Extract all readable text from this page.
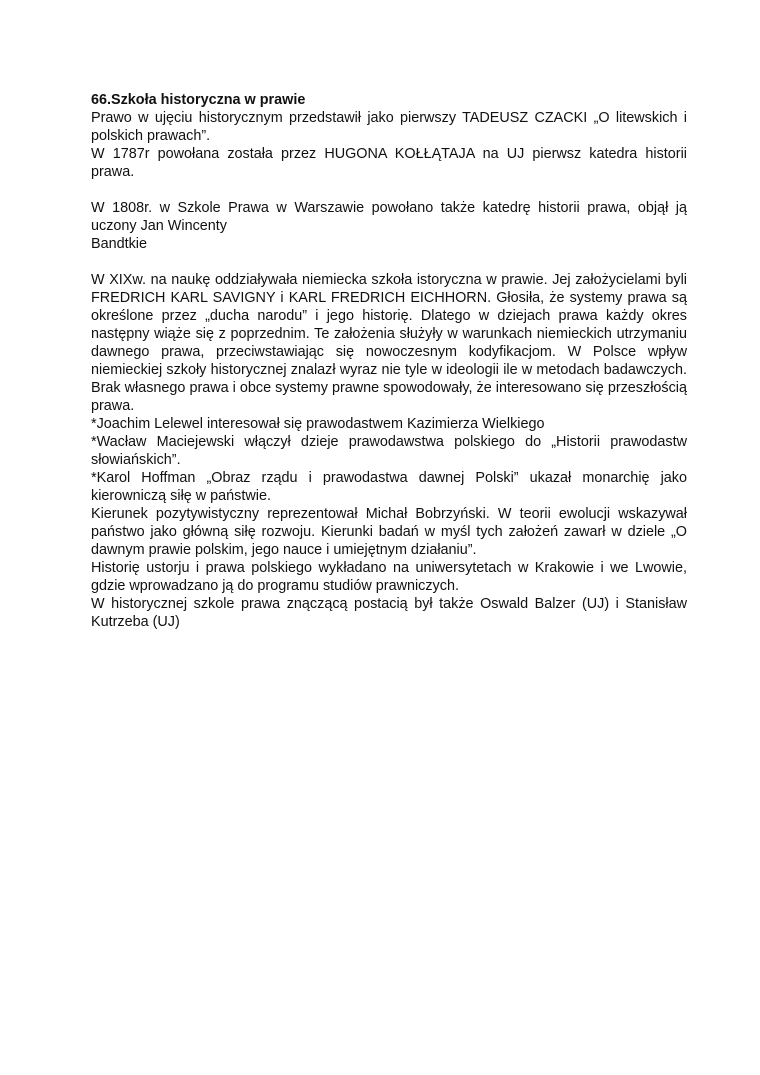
66.Szkoła historyczna w prawie

Prawo w ujęciu historycznym przedstawił jako pierwszy TADEUSZ CZACKI „O litewskich i polskich prawach”.

W 1787r powołana została przez HUGONA KOŁŁĄTAJA na UJ pierwsz katedra historii prawa.

W 1808r. w Szkole Prawa w Warszawie powołano także katedrę historii prawa, objął ją uczony Jan Wincenty

Bandtkie

W XIXw. na naukę oddziaływała niemiecka szkoła istoryczna w prawie. Jej założycielami byli FREDRICH KARL SAVIGNY i KARL FREDRICH EICHHORN. Głosiła, że systemy prawa są określone przez „ducha narodu” i jego historię. Dlatego w dziejach prawa każdy okres następny wiąże się z poprzednim. Te założenia służyły w warunkach niemieckich utrzymaniu dawnego prawa, przeciwstawiając się nowoczesnym kodyfikacjom. W Polsce wpływ niemieckiej szkoły historycznej znalazł wyraz nie tyle w ideologii ile w metodach badawczych. Brak własnego prawa i obce systemy prawne spowodowały, że interesowano się przeszłością prawa.

*Joachim Lelewel interesował się prawodastwem Kazimierza Wielkiego

*Wacław Maciejewski włączył dzieje prawodawstwa polskiego do „Historii prawodastw słowiańskich”.

*Karol Hoffman „Obraz rządu i prawodastwa dawnej Polski” ukazał monarchię jako kierowniczą siłę w państwie.

Kierunek pozytywistyczny reprezentował Michał Bobrzyński. W teorii ewolucji wskazywał państwo jako główną siłę rozwoju. Kierunki badań w myśl tych założeń zawarł w dziele „O dawnym prawie polskim, jego nauce i umiejętnym działaniu”.

Historię ustorju i prawa polskiego wykładano na uniwersytetach w Krakowie i we Lwowie, gdzie wprowadzano ją do programu studiów prawniczych.

W historycznej szkole prawa znączącą postacią był także Oswald Balzer (UJ) i Stanisław Kutrzeba (UJ)
